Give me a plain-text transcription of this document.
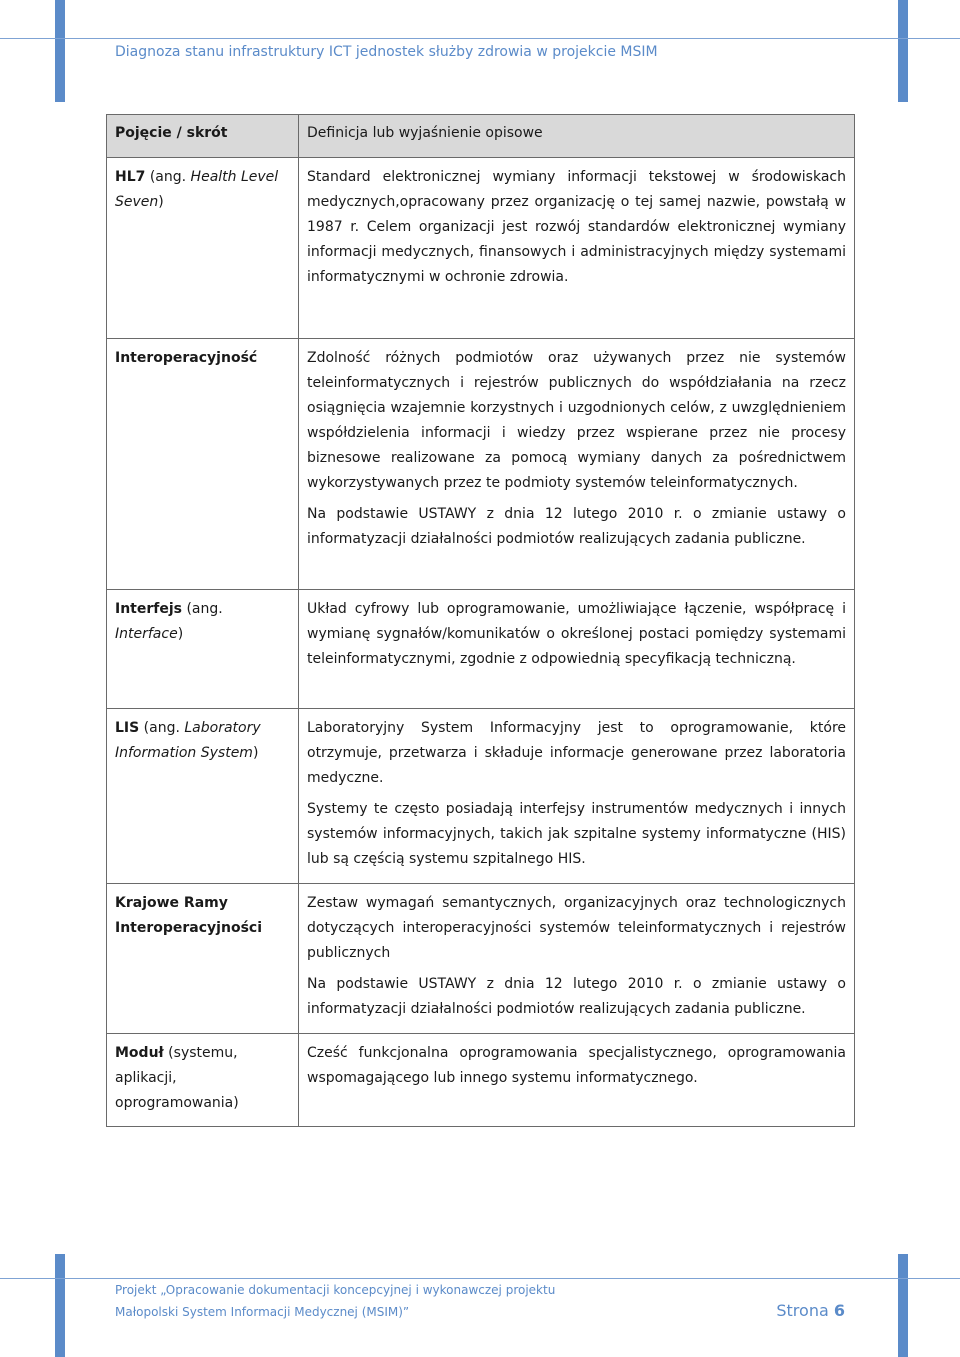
Diagnoza stanu infrastruktury ICT jednostek służby zdrowia w projekcie MSIM
Pojęcie / skrót	Definicja lub wyjaśnienie opisowe
HL7 (ang. Health Level Seven)	Standard elektronicznej wymiany informacji tekstowej w środowiskach medycznych,opracowany przez organizację o tej samej nazwie, powstałą w 1987 r. Celem organizacji jest rozwój standardów elektronicznej wymiany informacji medycznych, finansowych i administracyjnych między systemami informatycznymi w ochronie zdrowia.

Interoperacyjność	Zdolność różnych podmiotów oraz używanych przez nie systemów teleinformatycznych i rejestrów publicznych do współdziałania na rzecz osiągnięcia wzajemnie korzystnych i uzgodnionych celów, z uwzględnieniem współdzielenia informacji i wiedzy przez wspierane przez nie procesy biznesowe realizowane za pomocą wymiany danych za pośrednictwem wykorzystywanych przez te podmioty systemów teleinformatycznych.

Na podstawie USTAWY z dnia 12 lutego 2010 r. o zmianie ustawy o informatyzacji działalności podmiotów realizujących zadania publiczne.

Interfejs (ang. Interface)	Układ cyfrowy lub oprogramowanie, umożliwiające łączenie, współpracę i wymianę sygnałów/komunikatów o określonej postaci pomiędzy systemami teleinformatycznymi, zgodnie z odpowiednią specyfikacją techniczną.

LIS (ang. Laboratory Information System)	Laboratoryjny System Informacyjny jest to oprogramowanie, które otrzymuje, przetwarza i składuje informacje generowane przez laboratoria medyczne.

Systemy te często posiadają interfejsy instrumentów medycznych i innych systemów informacyjnych, takich jak szpitalne systemy informatyczne (HIS) lub są częścią systemu szpitalnego HIS.

Krajowe Ramy Interoperacyjności	Zestaw wymagań semantycznych, organizacyjnych oraz technologicznych dotyczących interoperacyjności systemów teleinformatycznych i rejestrów publicznych

Na podstawie USTAWY z dnia 12 lutego 2010 r. o zmianie ustawy o informatyzacji działalności podmiotów realizujących zadania publiczne.

Moduł (systemu, aplikacji, oprogramowania)	Cześć funkcjonalna oprogramowania specjalistycznego, oprogramowania wspomagającego lub innego systemu informatycznego.

Projekt „Opracowanie dokumentacji koncepcyjnej i wykonawczej projektu
Małopolski System Informacji Medycznej (MSIM)”	Strona 6
